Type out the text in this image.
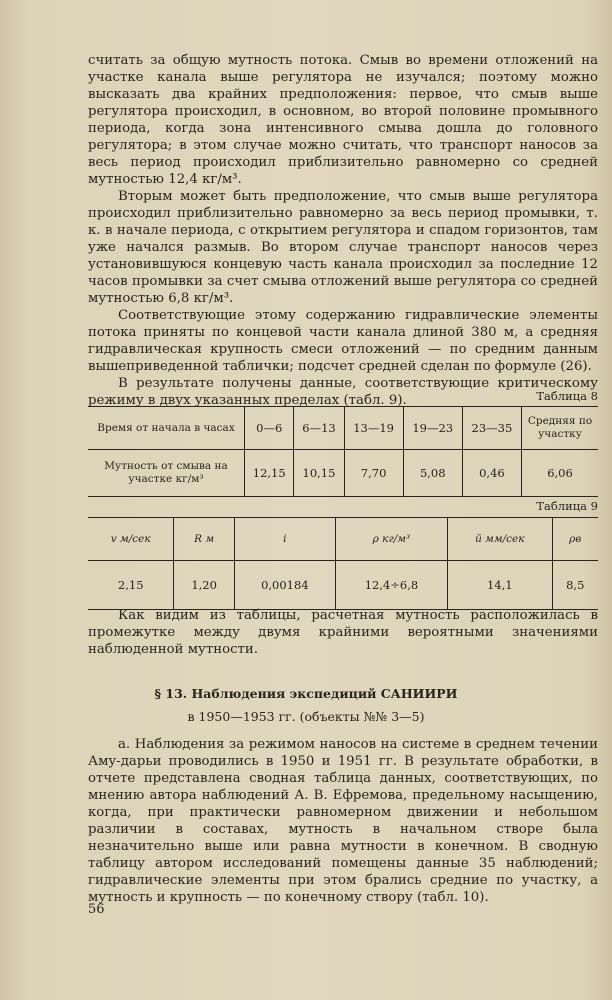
считать за общую мутность потока. Смыв во времени отложений на участке канала выше регулятора не изучался; поэтому можно высказать два крайних предположения: первое, что смыв выше регулятора происходил, в основном, во второй половине промывного периода, когда зона интенсивного смыва дошла до головного регулятора; в этом случае можно считать, что транспорт наносов за весь период происходил приблизительно равномерно со средней мутностью 12,4 кг/м³.

Вторым может быть предположение, что смыв выше регулятора происходил приблизительно равномерно за весь период промывки, т. к. в начале периода, с открытием регулятора и спадом горизонтов, там уже начался размыв. Во втором случае транспорт наносов через установившуюся концевую часть канала происходил за последние 12 часов промывки за счет смыва отложений выше регулятора со средней мутностью 6,8 кг/м³.

Соответствующие этому содержанию гидравлические элементы потока приняты по концевой части канала длиной 380 м, а средняя гидравлическая крупность смеси отложений — по средним данным вышеприведенной таблички; подсчет средней сделан по формуле (26).

В результате получены данные, соответствующие критическому режиму в двух указанных пределах (табл. 9).	Таблица 8
Время от начала в часах	0—6	6—13	13—19	19—23	23—35	Средняя по участку
Мутность от смыва на участке кг/м³	12,15	10,15	7,70	5,08	0,46	6,06
Таблица 9
v м/сек	R м	i	ρ кг/м³	ū мм/сек	ρв
2,15	1,20	0,00184	12,4÷6,8	14,1	8,5

Как видим из таблицы, расчетная мутность расположилась в промежутке между двумя крайними вероятными значениями наблюденной мутности.

§ 13. Наблюдения экспедиций САНИИРИ
в 1950—1953 гг. (объекты №№ 3—5)

а. Наблюдения за режимом наносов на системе в среднем течении Аму-дарьи проводились в 1950 и 1951 гг. В результате обработки, в отчете представлена сводная таблица данных, соответствующих, по мнению автора наблюдений А. В. Ефремова, предельному насыщению, когда, при практически равномерном движении и небольшом различии в составах, мутность в начальном створе была незначительно выше или равна мутности в конечном. В сводную таблицу автором исследований помещены данные 35 наблюдений; гидравлические элементы при этом брались средние по участку, а мутность и крупность — по конечному створу (табл. 10).

56
